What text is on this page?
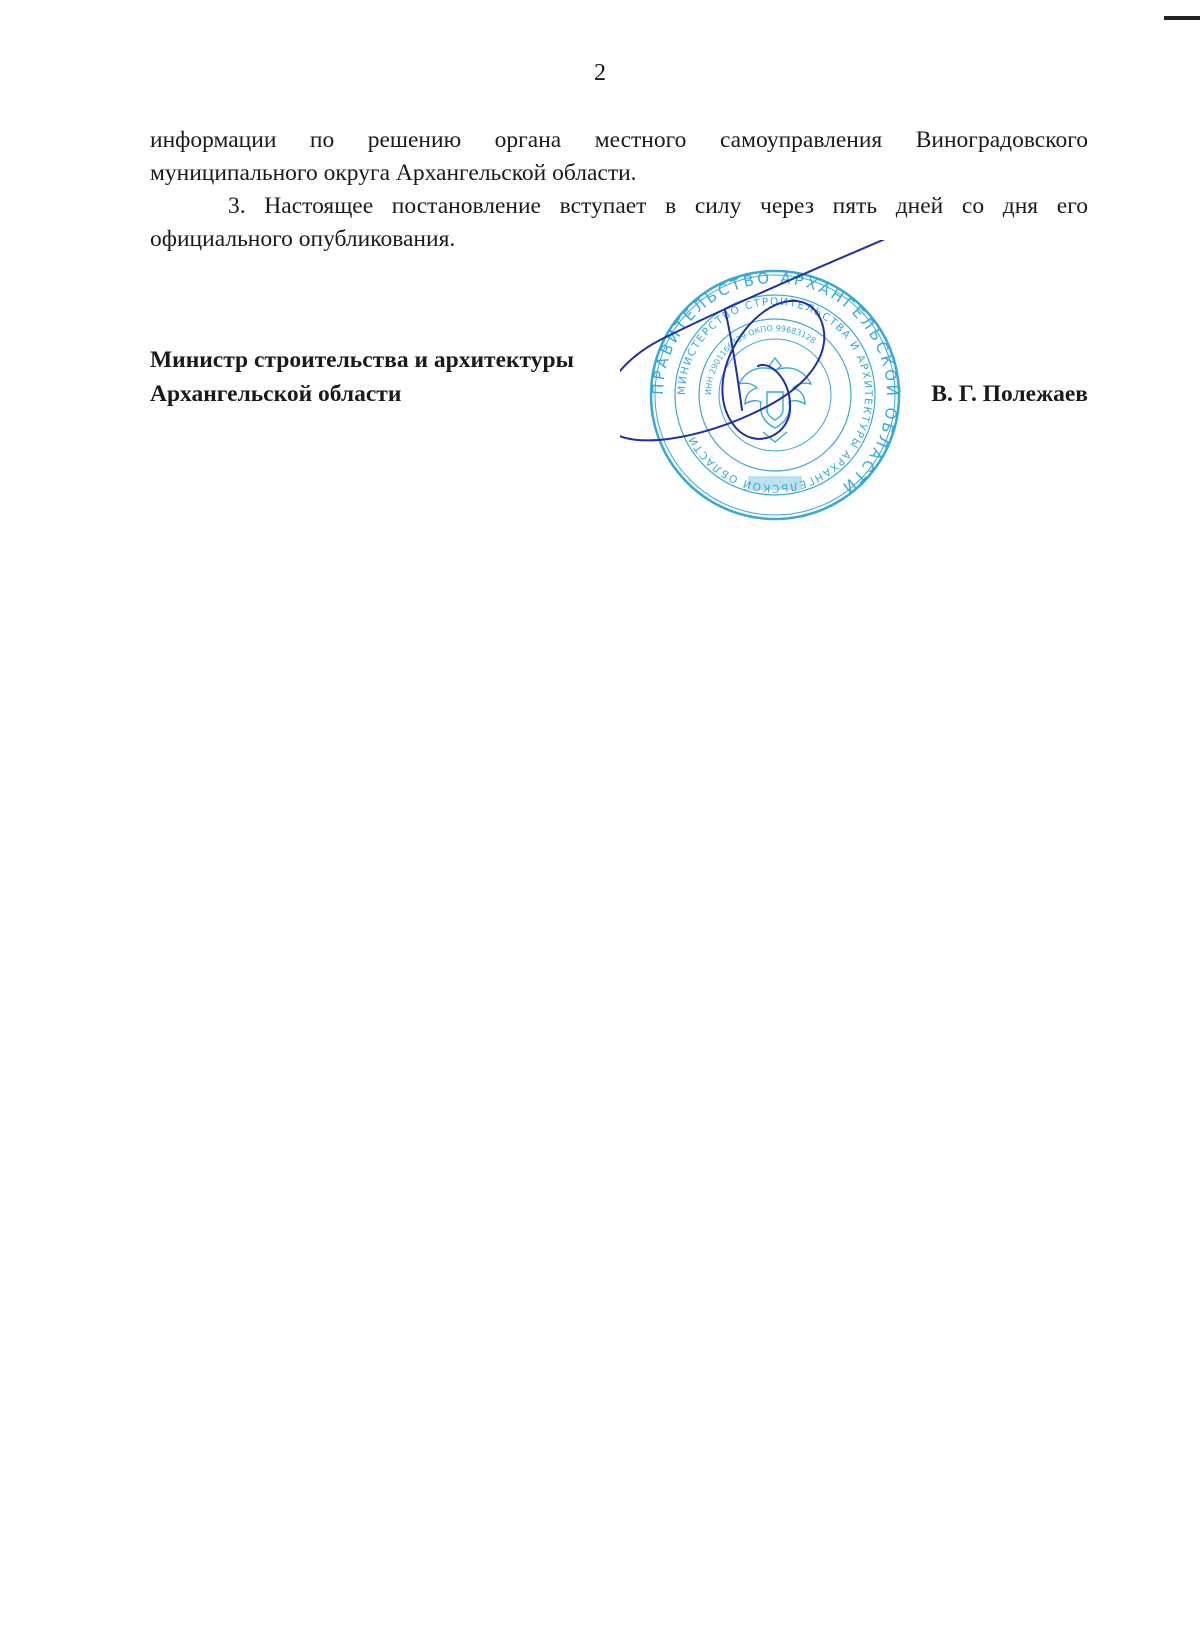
2

информации по решению органа местного самоуправления Виноградовского муниципального округа Архангельской области.

3. Настоящее постановление вступает в силу через пять дней со дня его официального опубликования.

Министр строительства и архитектуры
Архангельской области	В. Г. Полежаев
ПРАВИТЕЛЬСТВО АРХАНГЕЛЬСКОЙ ОБЛАСТИ
МИНИСТЕРСТВО СТРОИТЕЛЬСТВА И АРХИТЕКТУРЫ АРХАНГЕЛЬСКОЙ ОБЛАСТИ
ИНН 2901166739 ОКПО 99683128
